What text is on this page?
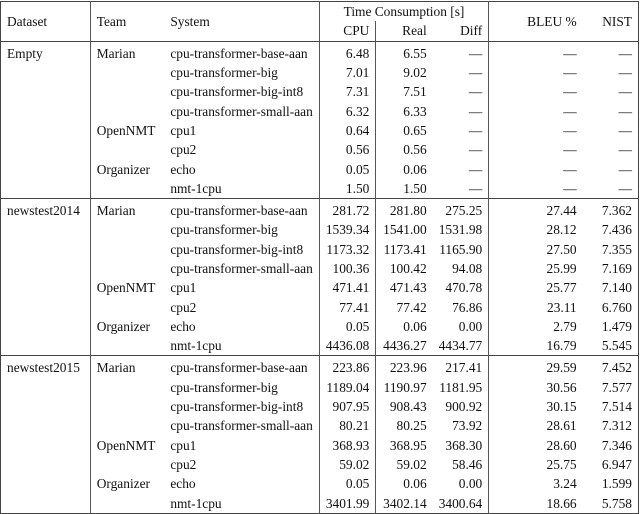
Dataset	Team	System	Time Consumption [s]			BLEU %	NIST
			CPU	Real	Diff		
Empty	Marian	cpu-transformer-base-aan	6.48	6.55	—	—	—
		cpu-transformer-big	7.01	9.02	—	—	—
		cpu-transformer-big-int8	7.31	7.51	—	—	—
		cpu-transformer-small-aan	6.32	6.33	—	—	—
	OpenNMT	cpu1	0.64	0.65	—	—	—
		cpu2	0.56	0.56	—	—	—
	Organizer	echo	0.05	0.06	—	—	—
		nmt-1cpu	1.50	1.50	—	—	—
newstest2014	Marian	cpu-transformer-base-aan	281.72	281.80	275.25	27.44	7.362
		cpu-transformer-big	1539.34	1541.00	1531.98	28.12	7.436
		cpu-transformer-big-int8	1173.32	1173.41	1165.90	27.50	7.355
		cpu-transformer-small-aan	100.36	100.42	94.08	25.99	7.169
	OpenNMT	cpu1	471.41	471.43	470.78	25.77	7.140
		cpu2	77.41	77.42	76.86	23.11	6.760
	Organizer	echo	0.05	0.06	0.00	2.79	1.479
		nmt-1cpu	4436.08	4436.27	4434.77	16.79	5.545
newstest2015	Marian	cpu-transformer-base-aan	223.86	223.96	217.41	29.59	7.452
		cpu-transformer-big	1189.04	1190.97	1181.95	30.56	7.577
		cpu-transformer-big-int8	907.95	908.43	900.92	30.15	7.514
		cpu-transformer-small-aan	80.21	80.25	73.92	28.61	7.312
	OpenNMT	cpu1	368.93	368.95	368.30	28.60	7.346
		cpu2	59.02	59.02	58.46	25.75	6.947
	Organizer	echo	0.05	0.06	0.00	3.24	1.599
		nmt-1cpu	3401.99	3402.14	3400.64	18.66	5.758
